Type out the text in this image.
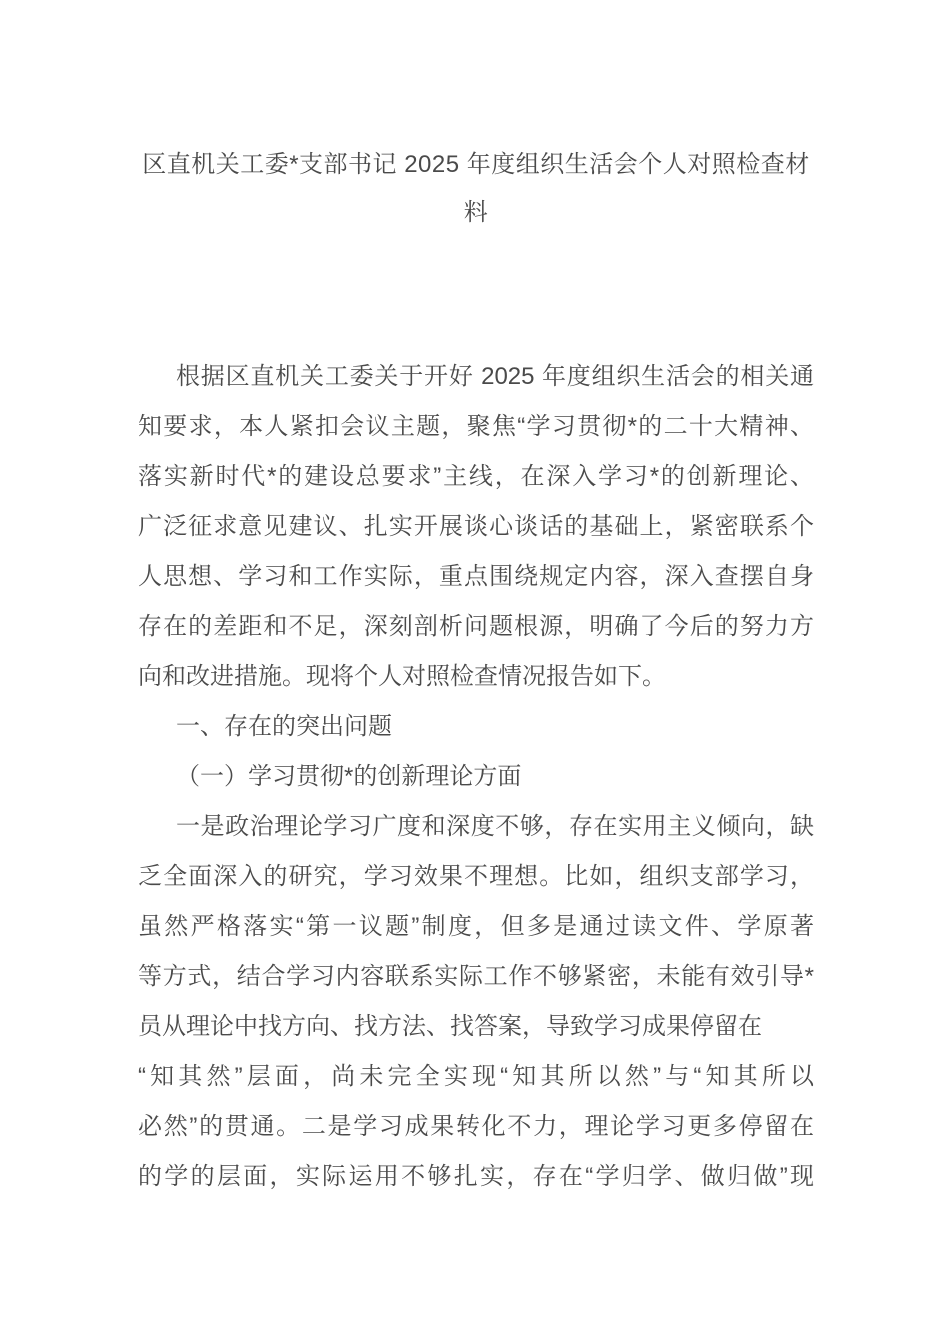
区直机关工委*支部书记 2025 年度组织生活会个人对照检查材
料
根据区直机关工委关于开好 2025 年度组织生活会的相关通
知要求，本人紧扣会议主题，聚焦“学习贯彻*的二十大精神、
落实新时代*的建设总要求”主线，在深入学习*的创新理论、
广泛征求意见建议、扎实开展谈心谈话的基础上，紧密联系个
人思想、学习和工作实际，重点围绕规定内容，深入查摆自身
存在的差距和不足，深刻剖析问题根源，明确了今后的努力方
向和改进措施。现将个人对照检查情况报告如下。
一、存在的突出问题
（一）学习贯彻*的创新理论方面
一是政治理论学习广度和深度不够，存在实用主义倾向，缺
乏全面深入的研究，学习效果不理想。比如，组织支部学习，
虽然严格落实“第一议题”制度，但多是通过读文件、学原著
等方式，结合学习内容联系实际工作不够紧密，未能有效引导*
员从理论中找方向、找方法、找答案，导致学习成果停留在
“知其然”层面，尚未完全实现“知其所以然”与“知其所以
必然”的贯通。二是学习成果转化不力，理论学习更多停留在
的学的层面，实际运用不够扎实，存在“学归学、做归做”现
